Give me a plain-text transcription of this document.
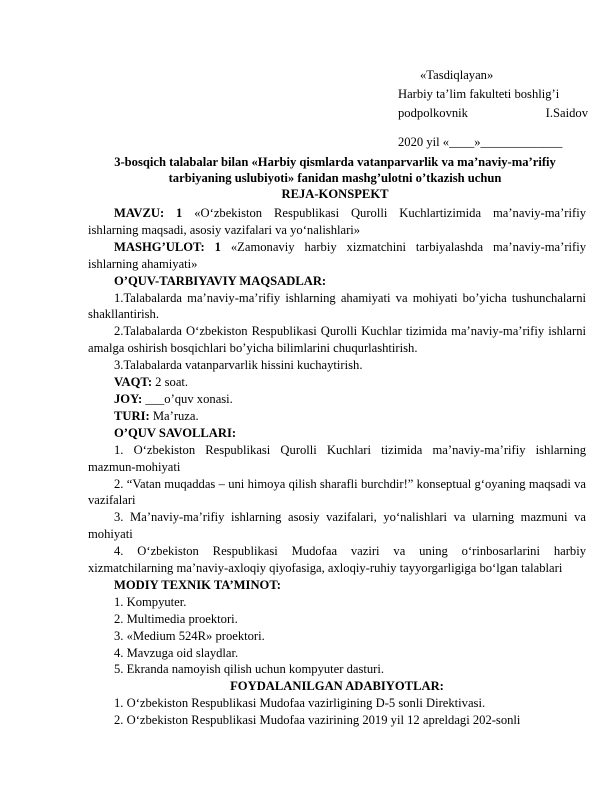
«Tasdiqlayan»
Harbiy ta’lim fakulteti boshlig’i
podpolkovnik	I.Saidov
2020 yil «____»_____________
3-bosqich talabalar bilan «Harbiy qismlarda vatanparvarlik va ma’naviy-ma’rifiy
tarbiyaning uslubiyoti» fanidan mashg’ulotni o’tkazish uchun
REJA-KONSPEKT

MAVZU: 1 «O‘zbekiston Respublikasi Qurolli Kuchlartizimida ma’naviy-ma’rifiy ishlarning maqsadi, asosiy vazifalari va yo‘nalishlari»

MASHG’ULOT: 1 «Zamonaviy harbiy xizmatchini tarbiyalashda ma’naviy-ma’rifiy ishlarning ahamiyati»

O’QUV-TARBIYAVIY MAQSADLAR:

1.Talabalarda ma’naviy-ma’rifiy ishlarning ahamiyati va mohiyati bo’yicha tushunchalarni shakllantirish.

2.Talabalarda O‘zbekiston Respublikasi Qurolli Kuchlar tizimida ma’naviy-ma’rifiy ishlarni amalga oshirish bosqichlari bo’yicha bilimlarini chuqurlashtirish.

3.Talabalarda vatanparvarlik hissini kuchaytirish.

VAQT: 2 soat.

JOY: ___o’quv xonasi.

TURI: Ma’ruza.

O’QUV SAVOLLARI:

1. O‘zbekiston Respublikasi Qurolli Kuchlari tizimida ma’naviy-ma’rifiy ishlarning mazmun-mohiyati

2. “Vatan muqaddas – uni himoya qilish sharafli burchdir!” konseptual g‘oyaning maqsadi va vazifalari

3. Ma’naviy-ma’rifiy ishlarning asosiy vazifalari, yo‘nalishlari va ularning mazmuni va mohiyati

4. O‘zbekiston Respublikasi Mudofaa vaziri va uning o‘rinbosarlarini harbiy xizmatchilarning ma’naviy-axloqiy qiyofasiga, axloqiy-ruhiy tayyorgarligiga bo‘lgan talablari

MODIY TEXNIK TA’MINOT:

1. Kompyuter.

2. Multimedia proektori.

3. «Medium 524R» proektori.

4. Mavzuga oid slaydlar.

5. Ekranda namoyish qilish uchun kompyuter dasturi.

FOYDALANILGAN ADABIYOTLAR:

1. O‘zbekiston Respublikasi Mudofaa vazirligining D-5 sonli Direktivasi.

2. O‘zbekiston Respublikasi Mudofaa vazirining 2019 yil 12 apreldagi 202-sonli
